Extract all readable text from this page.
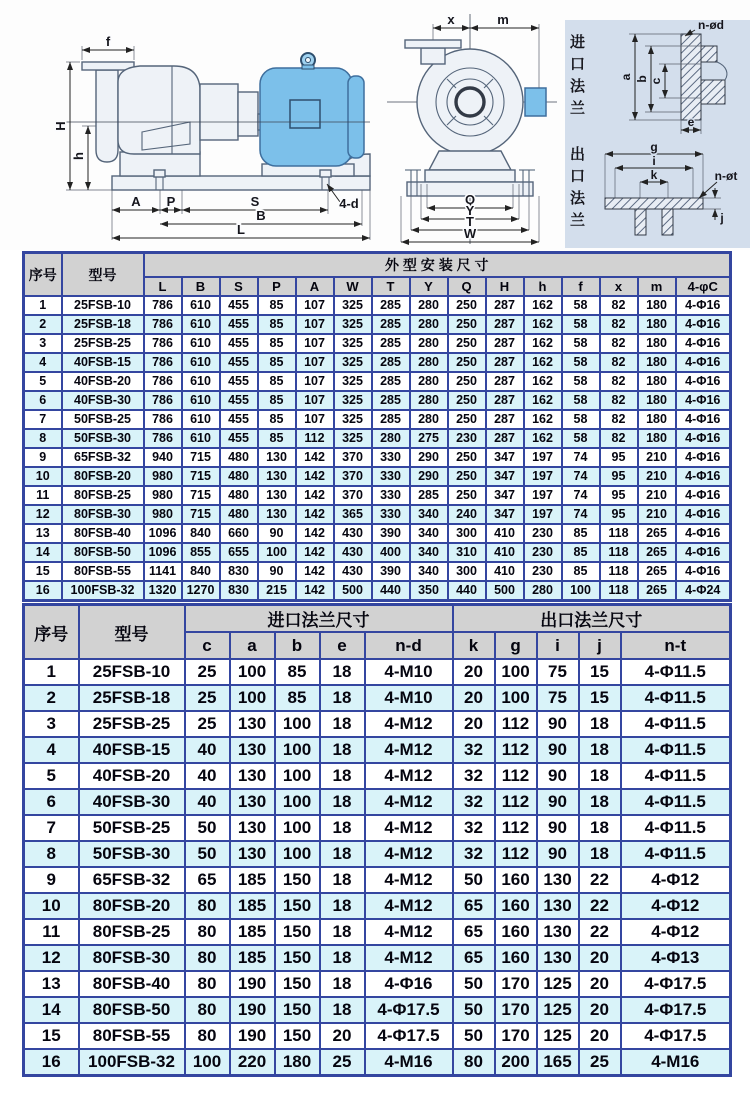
f
H
h
A P	S	4-d
B
L
x	m
Q
Y
T
W
进口法兰
出口法兰
a b c
e
n-ød
g
i
k	n-øt
j
序号	型号	外 型 安 装 尺 寸														
		L	B	S	P	A	W	T	Y	Q	H	h	f	x	m	4-φC
1	25FSB-10	786	610	455	85	107	325	285	280	250	287	162	58	82	180	4-Φ16
2	25FSB-18	786	610	455	85	107	325	285	280	250	287	162	58	82	180	4-Φ16
3	25FSB-25	786	610	455	85	107	325	285	280	250	287	162	58	82	180	4-Φ16
4	40FSB-15	786	610	455	85	107	325	285	280	250	287	162	58	82	180	4-Φ16
5	40FSB-20	786	610	455	85	107	325	285	280	250	287	162	58	82	180	4-Φ16
6	40FSB-30	786	610	455	85	107	325	285	280	250	287	162	58	82	180	4-Φ16
7	50FSB-25	786	610	455	85	107	325	285	280	250	287	162	58	82	180	4-Φ16
8	50FSB-30	786	610	455	85	112	325	280	275	230	287	162	58	82	180	4-Φ16
9	65FSB-32	940	715	480	130	142	370	330	290	250	347	197	74	95	210	4-Φ16
10	80FSB-20	980	715	480	130	142	370	330	290	250	347	197	74	95	210	4-Φ16
11	80FSB-25	980	715	480	130	142	370	330	285	250	347	197	74	95	210	4-Φ16
12	80FSB-30	980	715	480	130	142	365	330	340	240	347	197	74	95	210	4-Φ16
13	80FSB-40	1096	840	660	90	142	430	390	340	300	410	230	85	118	265	4-Φ16
14	80FSB-50	1096	855	655	100	142	430	400	340	310	410	230	85	118	265	4-Φ16
15	80FSB-55	1141	840	830	90	142	430	390	340	300	410	230	85	118	265	4-Φ16
16	100FSB-32	1320	1270	830	215	142	500	440	350	440	500	280	100	118	265	4-Φ24
序号	型号	进口法兰尺寸					出口法兰尺寸				
		c	a	b	e	n-d	k	g	i	j	n-t
1	25FSB-10	25	100	85	18	4-M10	20	100	75	15	4-Φ11.5
2	25FSB-18	25	100	85	18	4-M10	20	100	75	15	4-Φ11.5
3	25FSB-25	25	130	100	18	4-M12	20	112	90	18	4-Φ11.5
4	40FSB-15	40	130	100	18	4-M12	32	112	90	18	4-Φ11.5
5	40FSB-20	40	130	100	18	4-M12	32	112	90	18	4-Φ11.5
6	40FSB-30	40	130	100	18	4-M12	32	112	90	18	4-Φ11.5
7	50FSB-25	50	130	100	18	4-M12	32	112	90	18	4-Φ11.5
8	50FSB-30	50	130	100	18	4-M12	32	112	90	18	4-Φ11.5
9	65FSB-32	65	185	150	18	4-M12	50	160	130	22	4-Φ12
10	80FSB-20	80	185	150	18	4-M12	65	160	130	22	4-Φ12
11	80FSB-25	80	185	150	18	4-M12	65	160	130	22	4-Φ12
12	80FSB-30	80	185	150	18	4-M12	65	160	130	20	4-Φ13
13	80FSB-40	80	190	150	18	4-Φ16	50	170	125	20	4-Φ17.5
14	80FSB-50	80	190	150	18	4-Φ17.5	50	170	125	20	4-Φ17.5
15	80FSB-55	80	190	150	20	4-Φ17.5	50	170	125	20	4-Φ17.5
16	100FSB-32	100	220	180	25	4-M16	80	200	165	25	4-M16
